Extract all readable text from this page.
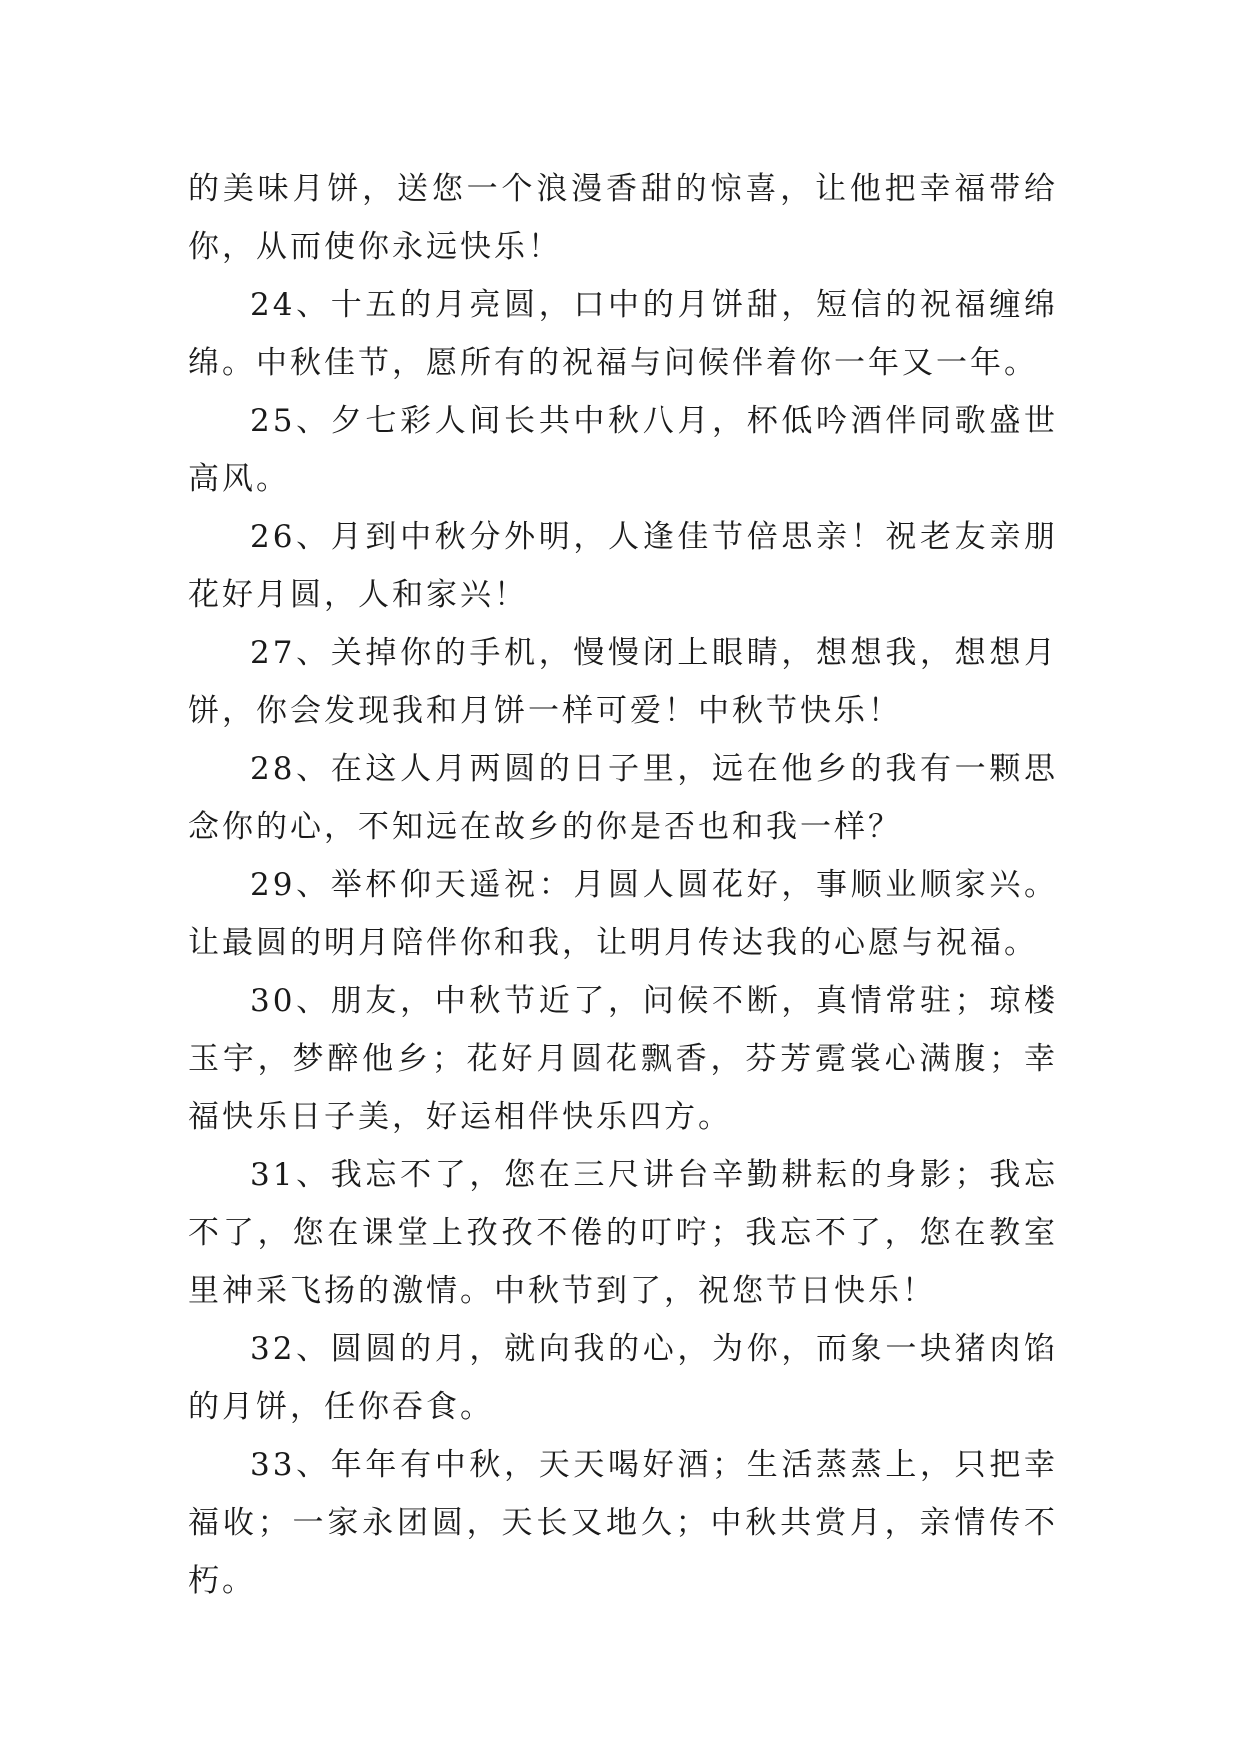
的美味月饼，送您一个浪漫香甜的惊喜，让他把幸福带给你，从而使你永远快乐！

24、十五的月亮圆，口中的月饼甜，短信的祝福缠绵绵。中秋佳节，愿所有的祝福与问候伴着你一年又一年。

25、夕七彩人间长共中秋八月，杯低吟酒伴同歌盛世高风。

26、月到中秋分外明，人逢佳节倍思亲！祝老友亲朋花好月圆，人和家兴！

27、关掉你的手机，慢慢闭上眼睛，想想我，想想月饼，你会发现我和月饼一样可爱！中秋节快乐！

28、在这人月两圆的日子里，远在他乡的我有一颗思念你的心，不知远在故乡的你是否也和我一样？

29、举杯仰天遥祝：月圆人圆花好，事顺业顺家兴。让最圆的明月陪伴你和我，让明月传达我的心愿与祝福。

30、朋友，中秋节近了，问候不断，真情常驻；琼楼玉宇，梦醉他乡；花好月圆花飘香，芬芳霓裳心满腹；幸福快乐日子美，好运相伴快乐四方。

31、我忘不了，您在三尺讲台辛勤耕耘的身影；我忘不了，您在课堂上孜孜不倦的叮咛；我忘不了，您在教室里神采飞扬的激情。中秋节到了，祝您节日快乐！

32、圆圆的月，就向我的心，为你，而象一块猪肉馅的月饼，任你吞食。

33、年年有中秋，天天喝好酒；生活蒸蒸上，只把幸福收；一家永团圆，天长又地久；中秋共赏月，亲情传不朽。
